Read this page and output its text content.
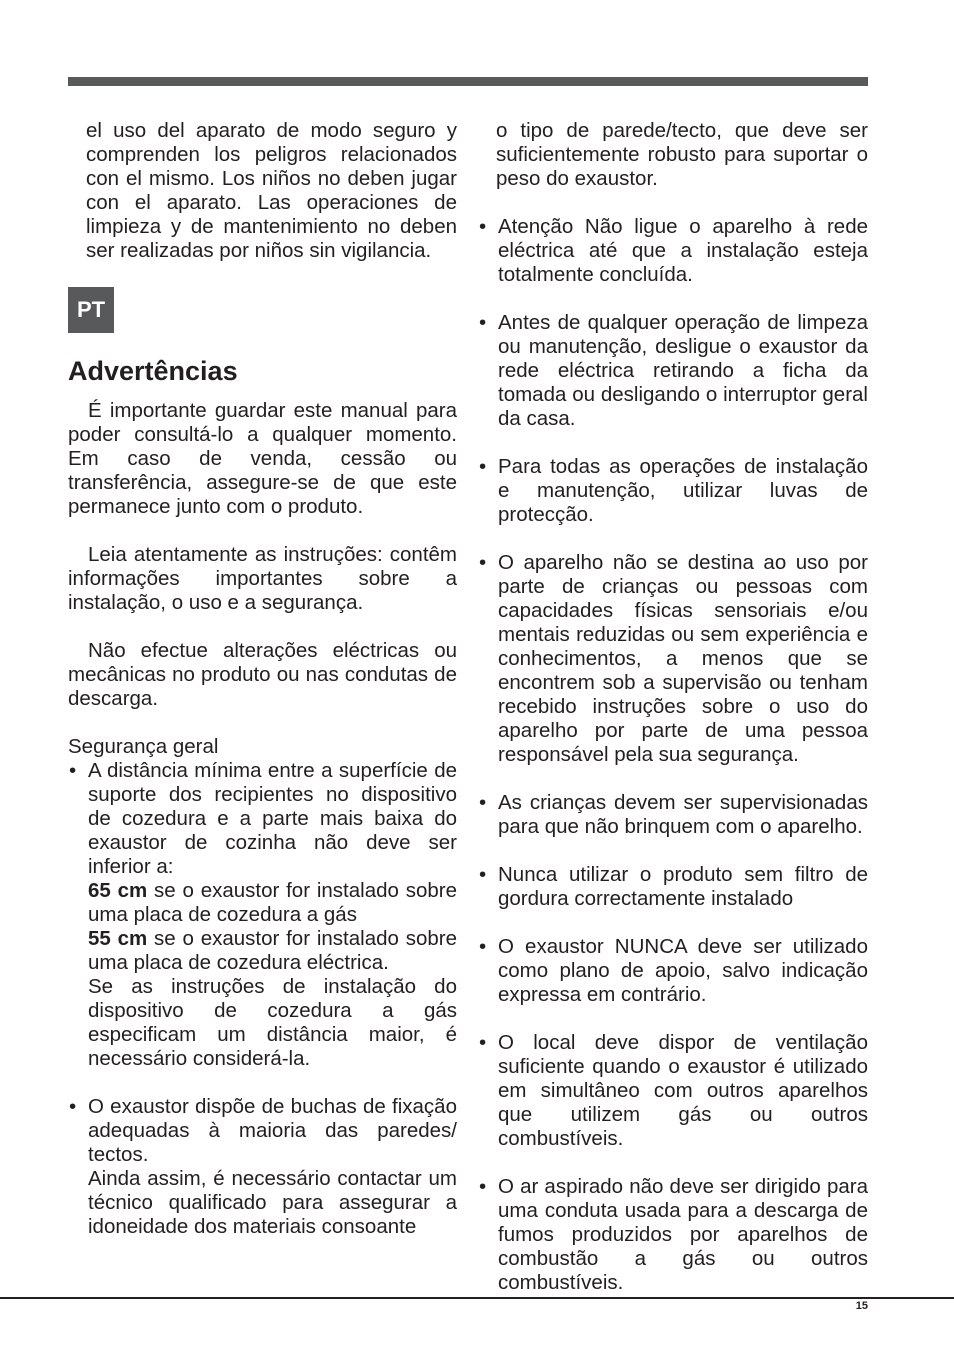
el uso del aparato de modo seguro y comprenden los peligros relacionados con el mismo. Los niños no deben jugar con el aparato. Las operaciones de limpieza y de mantenimiento no deben ser realizadas por niños sin vigilancia.

PT
Advertências

É importante guardar este manual para poder consultá-lo a qualquer momento. Em caso de venda, cessão ou transferência, assegure-se de que este permanece junto com o produto.

Leia atentamente as instruções: contêm informações importantes sobre a instalação, o uso e a segurança.

Não efectue alterações eléctricas ou mecânicas no produto ou nas condutas de descarga.

Segurança geral

• A distância mínima entre a superfície de suporte dos recipientes no dispositivo de cozedura e a parte mais baixa do exaustor de cozinha não deve ser inferior a:

65 cm se o exaustor for instalado sobre uma placa de cozedura a gás

55 cm se o exaustor for instalado sobre uma placa de cozedura eléctrica.

Se as instruções de instalação do dispositivo de cozedura a gás especificam um distância maior, é necessário considerá-la.

• O exaustor dispõe de buchas de fixação adequadas à maioria das paredes/ tectos.

Ainda assim, é necessário contactar um técnico qualificado para assegurar a idoneidade dos materiais consoante

o tipo de parede/tecto, que deve ser suficientemente robusto para suportar o peso do exaustor.

• Atenção Não ligue o aparelho à rede eléctrica até que a instalação esteja totalmente concluída.
• Antes de qualquer operação de limpeza ou manutenção, desligue o exaustor da rede eléctrica retirando a ficha da tomada ou desligando o interruptor geral da casa.
• Para todas as operações de instalação e manutenção, utilizar luvas de protecção.
• O aparelho não se destina ao uso por parte de crianças ou pessoas com capacidades físicas sensoriais e/ou mentais reduzidas ou sem experiência e conhecimentos, a menos que se encontrem sob a supervisão ou tenham recebido instruções sobre o uso do aparelho por parte de uma pessoa responsável pela sua segurança.
• As crianças devem ser supervisionadas para que não brinquem com o aparelho.
• Nunca utilizar o produto sem filtro de gordura correctamente instalado
• O exaustor NUNCA deve ser utilizado como plano de apoio, salvo indicação expressa em contrário.
• O local deve dispor de ventilação suficiente quando o exaustor é utilizado em simultâneo com outros aparelhos que utilizem gás ou outros combustíveis.
• O ar aspirado não deve ser dirigido para uma conduta usada para a descarga de fumos produzidos por aparelhos de combustão a gás ou outros combustíveis.
15
